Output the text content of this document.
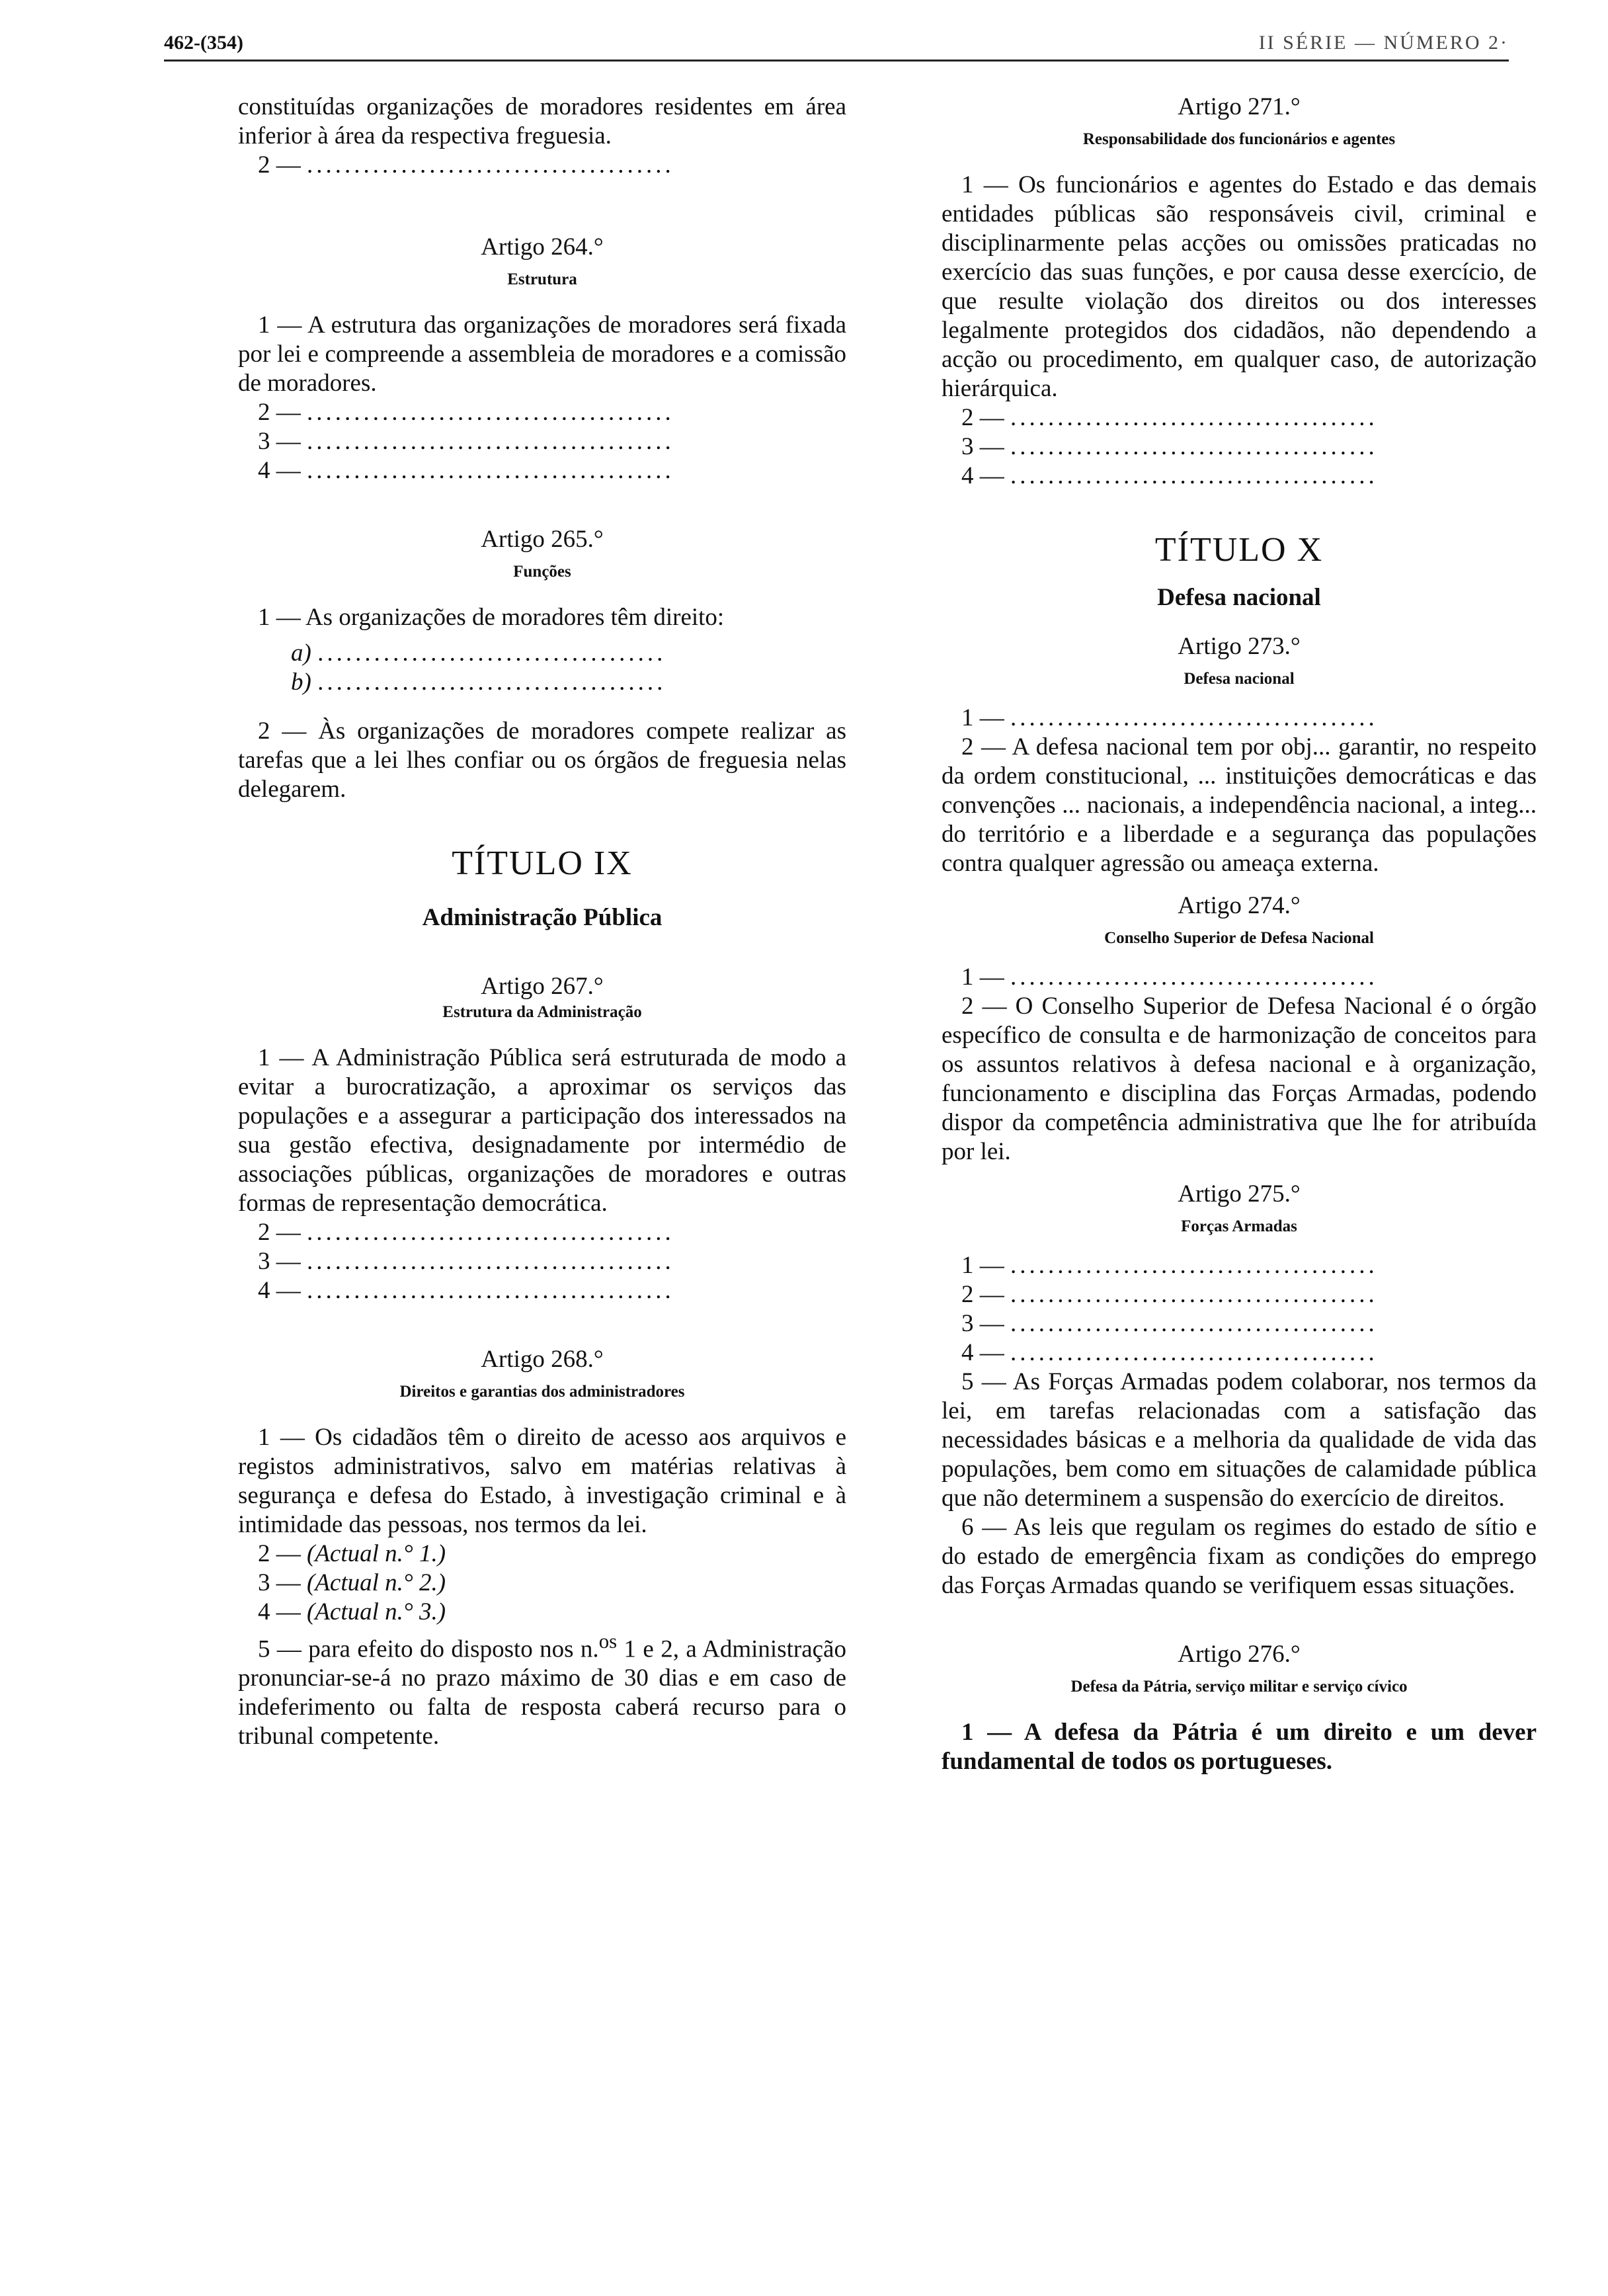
462-(354)	II SÉRIE — NÚMERO 2·

constituídas organizações de moradores residentes em área inferior à área da respectiva freguesia.

2 — .......................................

Artigo 264.°

Estrutura

1 — A estrutura das organizações de moradores será fixada por lei e compreende a assembleia de moradores e a comissão de moradores.

2 — .......................................

3 — .......................................

4 — .......................................

Artigo 265.°

Funções

1 — As organizações de moradores têm direito:

a) .....................................

b) .....................................

2 — Às organizações de moradores compete realizar as tarefas que a lei lhes confiar ou os órgãos de freguesia nelas delegarem.

TÍTULO IX

Administração Pública

Artigo 267.°

Estrutura da Administração

1 — A Administração Pública será estruturada de modo a evitar a burocratização, a aproximar os serviços das populações e a assegurar a participação dos interessados na sua gestão efectiva, designadamente por intermédio de associações públicas, organizações de moradores e outras formas de representação democrática.

2 — .......................................

3 — .......................................

4 — .......................................

Artigo 268.°

Direitos e garantias dos administradores

1 — Os cidadãos têm o direito de acesso aos arquivos e registos administrativos, salvo em matérias relativas à segurança e defesa do Estado, à investigação criminal e à intimidade das pessoas, nos termos da lei.

2 — (Actual n.° 1.)

3 — (Actual n.° 2.)

4 — (Actual n.° 3.)

5 — para efeito do disposto nos n.$^{os}$ 1 e 2, a Administração pronunciar-se-á no prazo máximo de 30 dias e em caso de indeferimento ou falta de resposta caberá recurso para o tribunal competente.

Artigo 271.°

Responsabilidade dos funcionários e agentes

1 — Os funcionários e agentes do Estado e das demais entidades públicas são responsáveis civil, criminal e disciplinarmente pelas acções ou omissões praticadas no exercício das suas funções, e por causa desse exercício, de que resulte violação dos direitos ou dos interesses legalmente protegidos dos cidadãos, não dependendo a acção ou procedimento, em qualquer caso, de autorização hierárquica.

2 — .......................................

3 — .......................................

4 — .......................................

TÍTULO X

Defesa nacional

Artigo 273.°

Defesa nacional

1 — .......................................

2 — A defesa nacional tem por obj... garantir, no respeito da ordem constitucional, ... instituições democráticas e das convenções ... nacionais, a independência nacional, a integ... do território e a liberdade e a segurança das populações contra qualquer agressão ou ameaça externa.

Artigo 274.°

Conselho Superior de Defesa Nacional

1 — .......................................

2 — O Conselho Superior de Defesa Nacional é o órgão específico de consulta e de harmonização de conceitos para os assuntos relativos à defesa nacional e à organização, funcionamento e disciplina das Forças Armadas, podendo dispor da competência administrativa que lhe for atribuída por lei.

Artigo 275.°

Forças Armadas

1 — .......................................

2 — .......................................

3 — .......................................

4 — .......................................

5 — As Forças Armadas podem colaborar, nos termos da lei, em tarefas relacionadas com a satisfação das necessidades básicas e a melhoria da qualidade de vida das populações, bem como em situações de calamidade pública que não determinem a suspensão do exercício de direitos.

6 — As leis que regulam os regimes do estado de sítio e do estado de emergência fixam as condições do emprego das Forças Armadas quando se verifiquem essas situações.

Artigo 276.°

Defesa da Pátria, serviço militar e serviço cívico

1 — A defesa da Pátria é um direito e um dever fundamental de todos os portugueses.
